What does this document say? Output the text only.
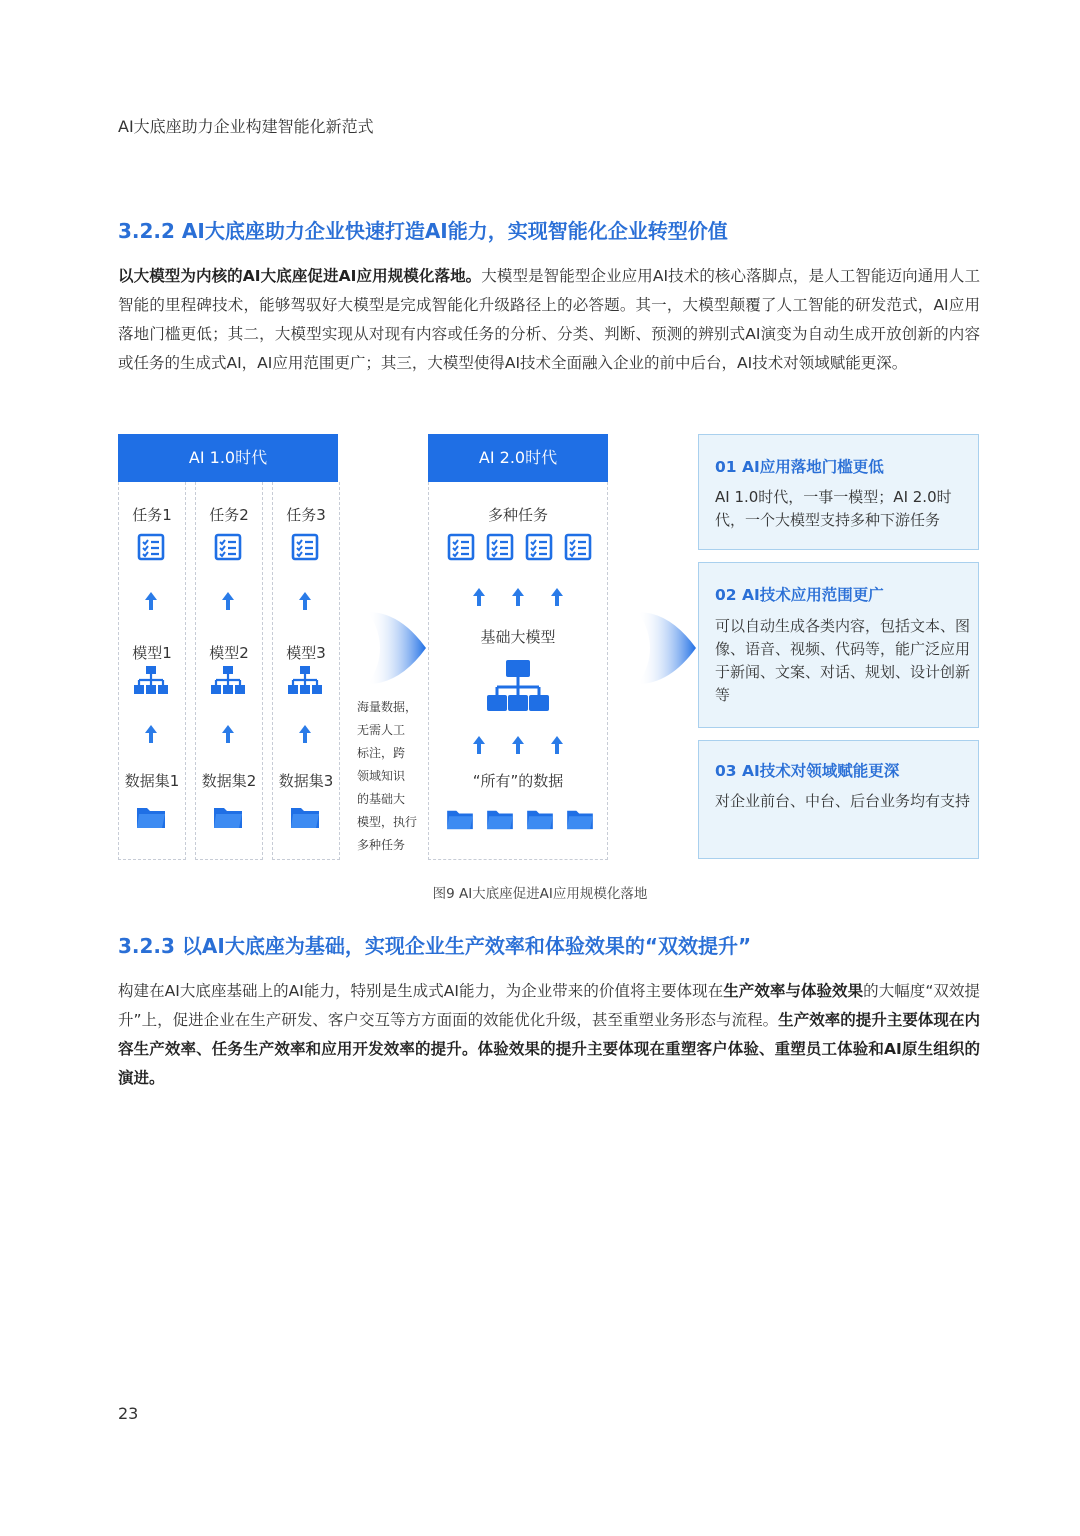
AI大底座助力企业构建智能化新范式
3.2.2 AI大底座助力企业快速打造AI能力，实现智能化企业转型价值
以大模型为内核的AI大底座促进AI应用规模化落地。大模型是智能型企业应用AI技术的核心落脚点，是人工智能迈向通用人工智能的里程碑技术，能够驾驭好大模型是完成智能化升级路径上的必答题。其一，大模型颠覆了人工智能的研发范式，AI应用落地门槛更低；其二，大模型实现从对现有内容或任务的分析、分类、判断、预测的辨别式AI演变为自动生成开放创新的内容或任务的生成式AI，AI应用范围更广；其三，大模型使得AI技术全面融入企业的前中后台，AI技术对领域赋能更深。
AI 1.0时代
任务1
模型1
数据集1
任务2
模型2
数据集2
任务3
模型3
数据集3
海量数据，
无需人工
标注，跨
领域知识
的基础大
模型，执行
多种任务
AI 2.0时代
多种任务
基础大模型
“所有”的数据
01 AI应用落地门槛更低
AI 1.0时代，一事一模型；AI 2.0时代，一个大模型支持多种下游任务
02 AI技术应用范围更广
可以自动生成各类内容，包括文本、图像、语音、视频、代码等，能广泛应用于新闻、文案、对话、规划、设计创新等
03 AI技术对领域赋能更深
对企业前台、中台、后台业务均有支持
图9 AI大底座促进AI应用规模化落地
3.2.3 以AI大底座为基础，实现企业生产效率和体验效果的“双效提升”
构建在AI大底座基础上的AI能力，特别是生成式AI能力，为企业带来的价值将主要体现在生产效率与体验效果的大幅度“双效提升”上，促进企业在生产研发、客户交互等方方面面的效能优化升级，甚至重塑业务形态与流程。生产效率的提升主要体现在内容生产效率、任务生产效率和应用开发效率的提升。体验效果的提升主要体现在重塑客户体验、重塑员工体验和AI原生组织的演进。
23
